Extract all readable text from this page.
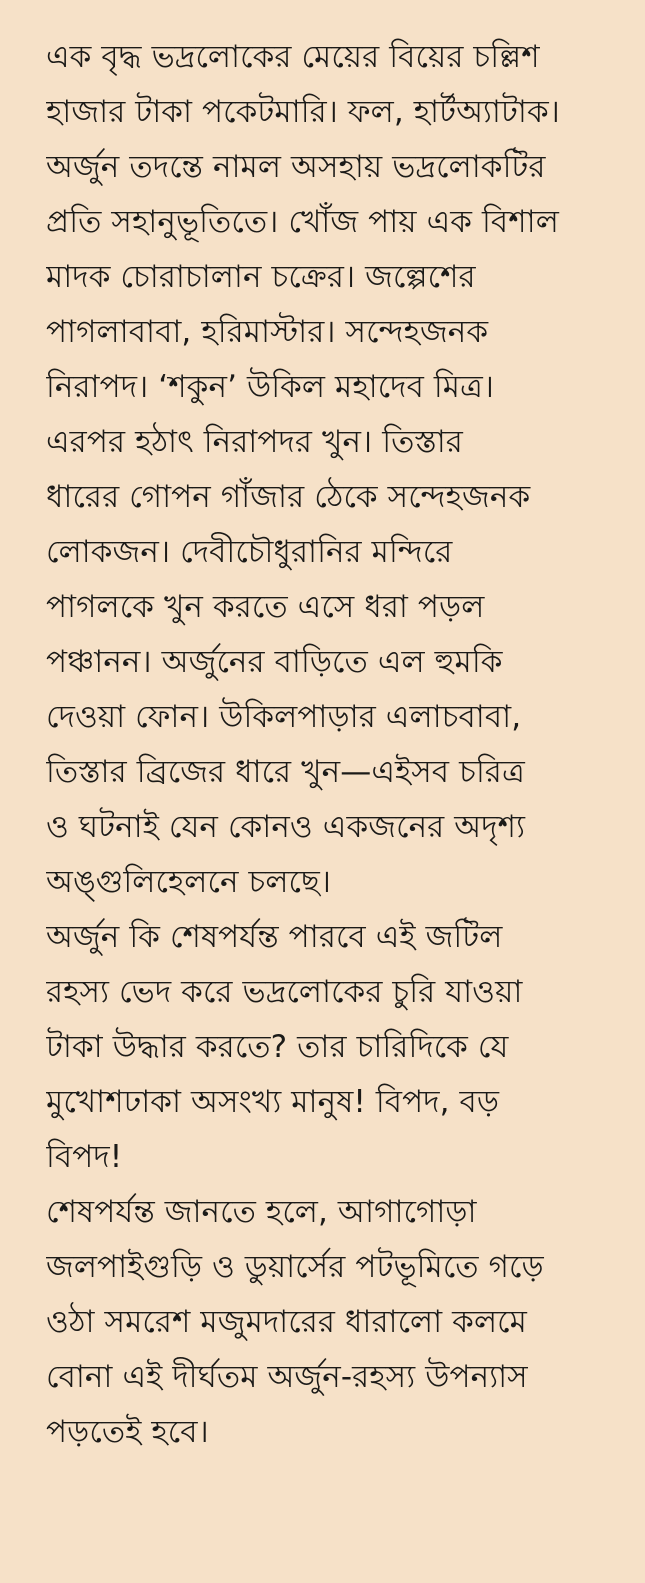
এক বৃদ্ধ ভদ্রলোকের মেয়ের বিয়ের চল্লিশ
হাজার টাকা পকেটমারি। ফল, হার্টঅ্যাটাক।
অর্জুন তদন্তে নামল অসহায় ভদ্রলোকটির
প্রতি সহানুভূতিতে। খোঁজ পায় এক বিশাল
মাদক চোরাচালান চক্রের। জল্পেশের
পাগলাবাবা, হরিমাস্টার। সন্দেহজনক
নিরাপদ। ‘শকুন’ উকিল মহাদেব মিত্র।
এরপর হঠাৎ নিরাপদর খুন। তিস্তার
ধারের গোপন গাঁজার ঠেকে সন্দেহজনক
লোকজন। দেবীচৌধুরানির মন্দিরে
পাগলকে খুন করতে এসে ধরা পড়ল
পঞ্চানন। অর্জুনের বাড়িতে এল হুমকি
দেওয়া ফোন। উকিলপাড়ার এলাচবাবা,
তিস্তার ব্রিজের ধারে খুন—এইসব চরিত্র
ও ঘটনাই যেন কোনও একজনের অদৃশ্য
অঙ্গুলিহেলনে চলছে।

অর্জুন কি শেষপর্যন্ত পারবে এই জটিল
রহস্য ভেদ করে ভদ্রলোকের চুরি যাওয়া
টাকা উদ্ধার করতে? তার চারিদিকে যে
মুখোশঢাকা অসংখ্য মানুষ! বিপদ, বড়
বিপদ!

শেষপর্যন্ত জানতে হলে, আগাগোড়া
জলপাইগুড়ি ও ডুয়ার্সের পটভূমিতে গড়ে
ওঠা সমরেশ মজুমদারের ধারালো কলমে
বোনা এই দীর্ঘতম অর্জুন-রহস্য উপন্যাস
পড়তেই হবে।
